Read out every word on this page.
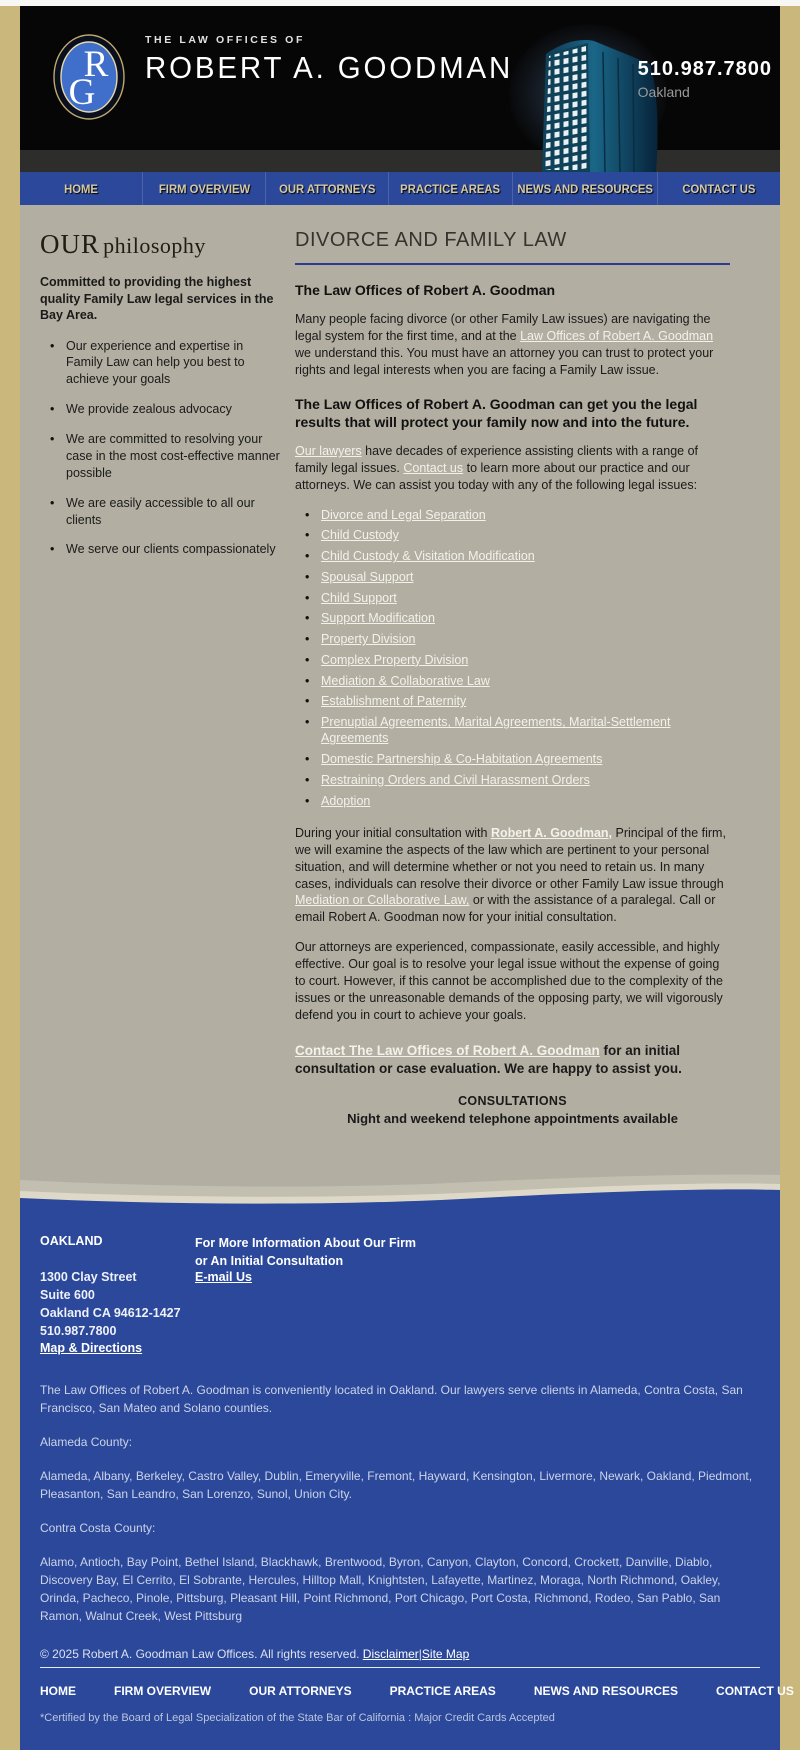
R
G
THE LAW OFFICES OF
ROBERT A. GOODMAN	510.987.7800
Oakland
HOME	FIRM OVERVIEW OUR ATTORNEYS PRACTICE AREAS NEWS AND RESOURCES CONTACT US
OUR philosophy
Committed to providing the highest quality Family Law legal services in the Bay Area.
• Our experience and expertise in Family Law can help you best to achieve your goals
• We provide zealous advocacy
• We are committed to resolving your case in the most cost-effective manner possible
• We are easily accessible to all our clients
• We serve our clients compassionately
DIVORCE AND FAMILY LAW
The Law Offices of Robert A. Goodman

Many people facing divorce (or other Family Law issues) are navigating the legal system for the first time, and at the Law Offices of Robert A. Goodman we understand this. You must have an attorney you can trust to protect your rights and legal interests when you are facing a Family Law issue.

The Law Offices of Robert A. Goodman can get you the legal results that will protect your family now and into the future.

Our lawyers have decades of experience assisting clients with a range of family legal issues. Contact us to learn more about our practice and our attorneys. We can assist you today with any of the following legal issues:

• Divorce and Legal Separation
• Child Custody
• Child Custody & Visitation Modification
• Spousal Support
• Child Support
• Support Modification
• Property Division
• Complex Property Division
• Mediation & Collaborative Law
• Establishment of Paternity
• Prenuptial Agreements, Marital Agreements, Marital-Settlement Agreements
• Domestic Partnership & Co-Habitation Agreements
• Restraining Orders and Civil Harassment Orders
• Adoption

During your initial consultation with Robert A. Goodman, Principal of the firm, we will examine the aspects of the law which are pertinent to your personal situation, and will determine whether or not you need to retain us. In many cases, individuals can resolve their divorce or other Family Law issue through Mediation or Collaborative Law, or with the assistance of a paralegal. Call or email Robert A. Goodman now for your initial consultation.

Our attorneys are experienced, compassionate, easily accessible, and highly effective. Our goal is to resolve your legal issue without the expense of going to court. However, if this cannot be accomplished due to the complexity of the issues or the unreasonable demands of the opposing party, we will vigorously defend you in court to achieve your goals.

Contact The Law Offices of Robert A. Goodman for an initial consultation or case evaluation. We are happy to assist you.

CONSULTATIONS
Night and weekend telephone appointments available
OAKLAND
1300 Clay Street
Suite 600
Oakland CA 94612-1427
510.987.7800
Map & Directions
For More Information About Our Firm
or An Initial Consultation
E-mail Us

The Law Offices of Robert A. Goodman is conveniently located in Oakland. Our lawyers serve clients in Alameda, Contra Costa, San Francisco, San Mateo and Solano counties.

Alameda County:

Alameda, Albany, Berkeley, Castro Valley, Dublin, Emeryville, Fremont, Hayward, Kensington, Livermore, Newark, Oakland, Piedmont, Pleasanton, San Leandro, San Lorenzo, Sunol, Union City.

Contra Costa County:

Alamo, Antioch, Bay Point, Bethel Island, Blackhawk, Brentwood, Byron, Canyon, Clayton, Concord, Crockett, Danville, Diablo, Discovery Bay, El Cerrito, El Sobrante, Hercules, Hilltop Mall, Knightsten, Lafayette, Martinez, Moraga, North Richmond, Oakley, Orinda, Pacheco, Pinole, Pittsburg, Pleasant Hill, Point Richmond, Port Chicago, Port Costa, Richmond, Rodeo, San Pablo, San Ramon, Walnut Creek, West Pittsburg

© 2025 Robert A. Goodman Law Offices. All rights reserved. Disclaimer|Site Map
HOME	FIRM OVERVIEW	OUR ATTORNEYS	PRACTICE AREAS	NEWS AND RESOURCES	CONTACT US
*Certified by the Board of Legal Specialization of the State Bar of California : Major Credit Cards Accepted
